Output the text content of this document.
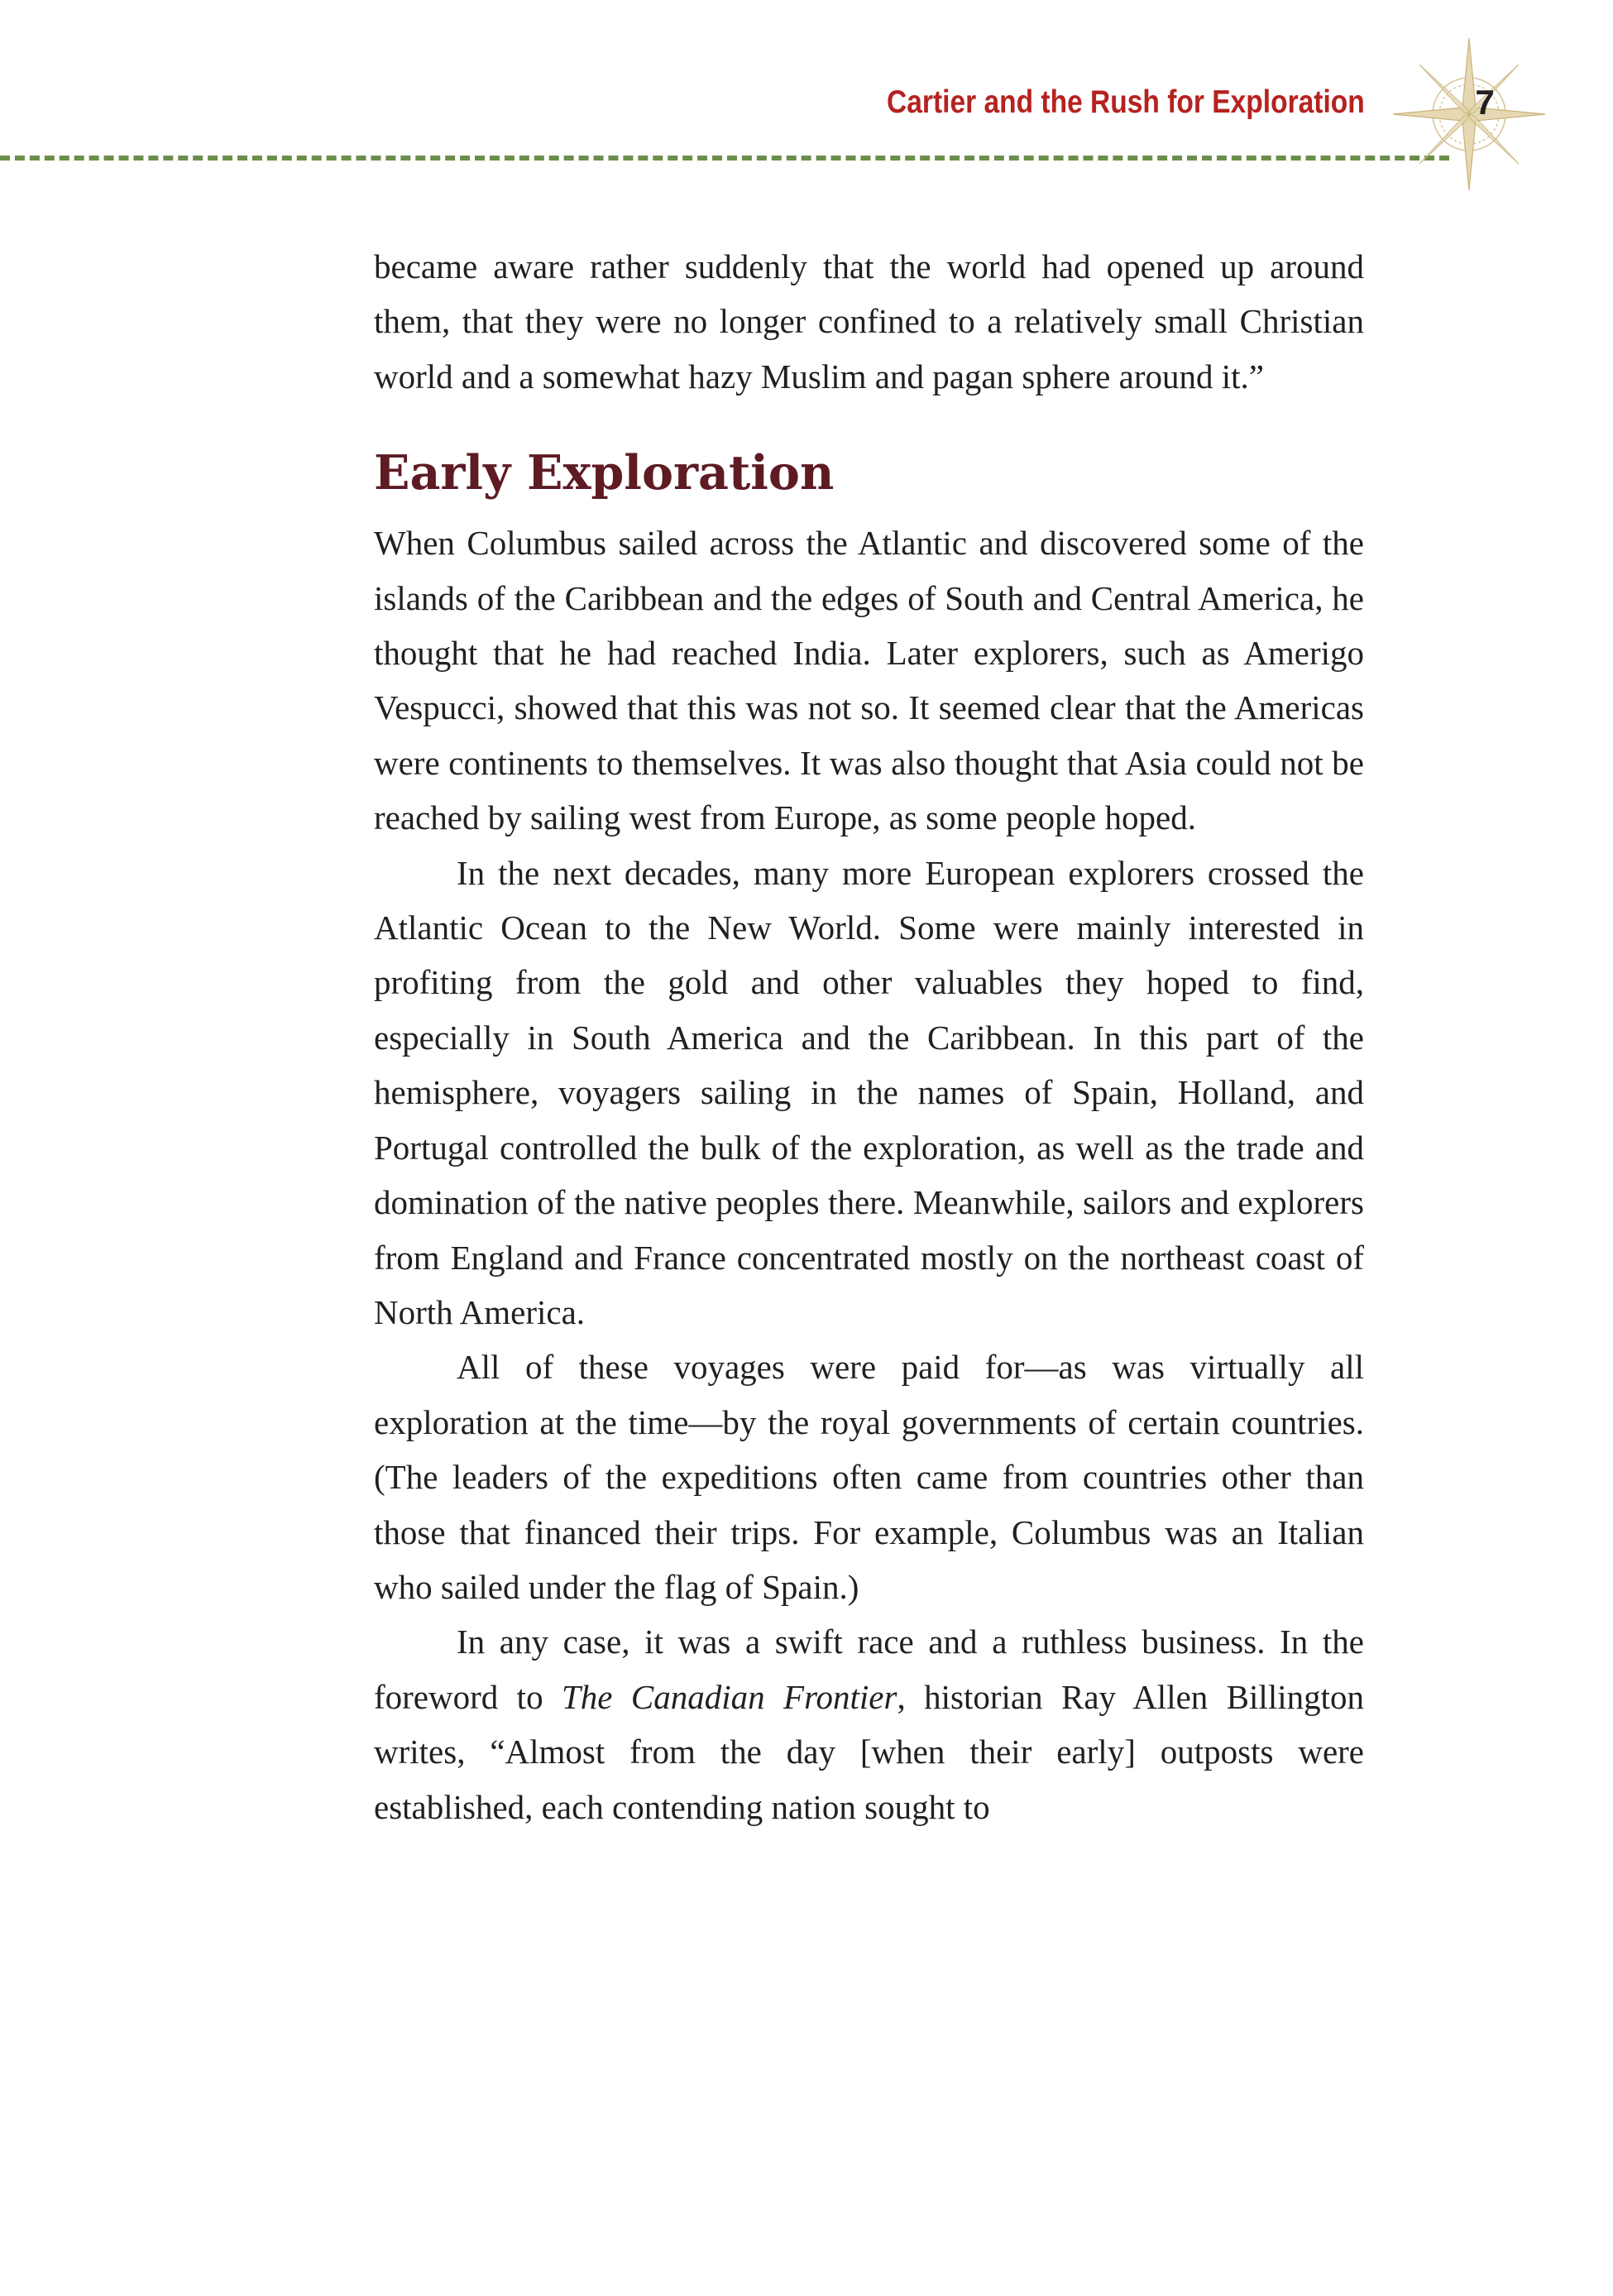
Cartier and the Rush for Exploration	7

became aware rather suddenly that the world had opened up around them, that they were no longer confined to a relatively small Christian world and a somewhat hazy Muslim and pagan sphere around it.”

Early Exploration

When Columbus sailed across the Atlantic and discovered some of the islands of the Caribbean and the edges of South and Central America, he thought that he had reached India. Later explorers, such as Amerigo Vespucci, showed that this was not so. It seemed clear that the Americas were continents to themselves. It was also thought that Asia could not be reached by sailing west from Europe, as some people hoped.

In the next decades, many more European explorers crossed the Atlantic Ocean to the New World. Some were mainly interested in profiting from the gold and other valuables they hoped to find, especially in South America and the Caribbean. In this part of the hemisphere, voyagers sailing in the names of Spain, Holland, and Portugal controlled the bulk of the exploration, as well as the trade and domination of the native peoples there. Meanwhile, sailors and explorers from England and France concentrated mostly on the northeast coast of North America.

All of these voyages were paid for—as was virtually all exploration at the time—by the royal governments of certain countries. (The leaders of the expeditions often came from countries other than those that financed their trips. For example, Columbus was an Italian who sailed under the flag of Spain.)

In any case, it was a swift race and a ruthless business. In the foreword to The Canadian Frontier, historian Ray Allen Billington writes, “Almost from the day [when their early] outposts were established, each contending nation sought to
